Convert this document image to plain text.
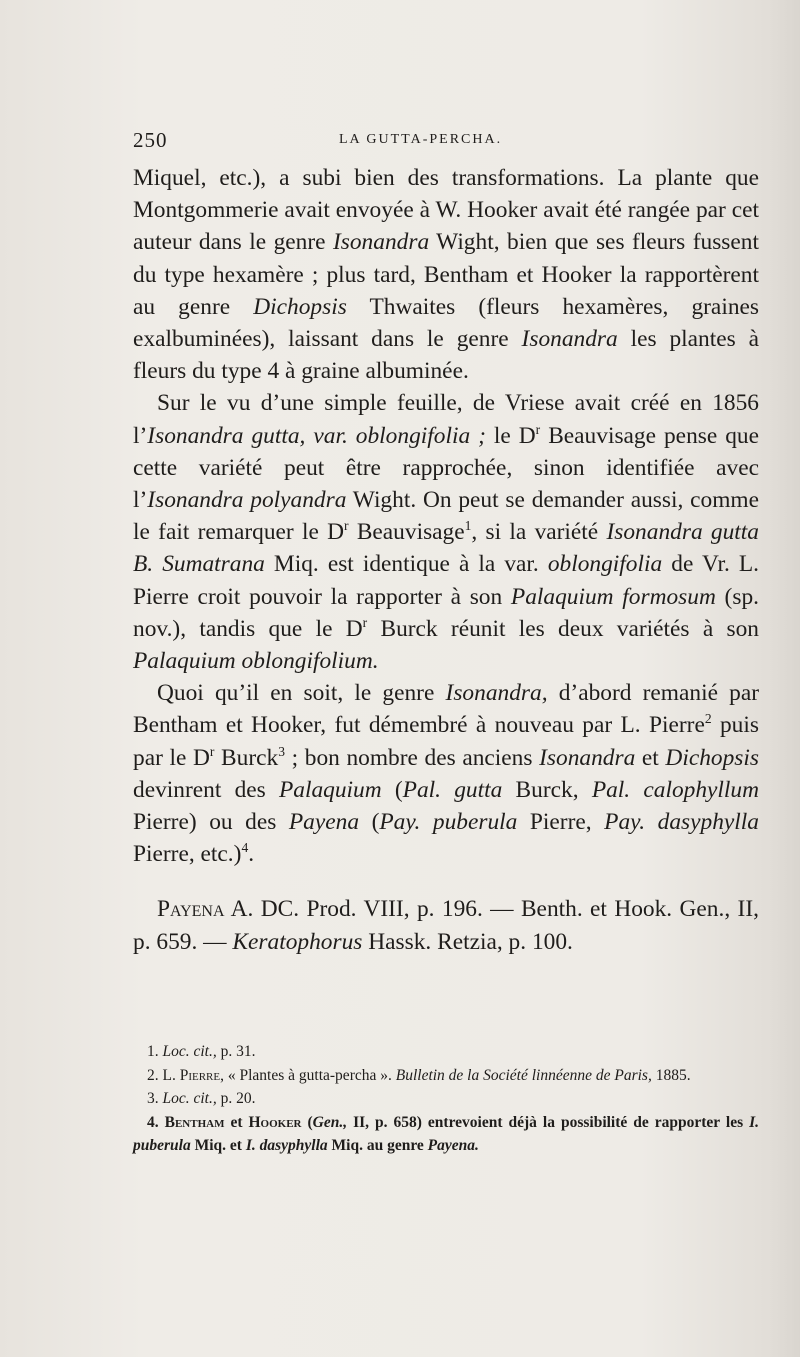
250	LA GUTTA-PERCHA.

Miquel, etc.), a subi bien des transformations. La plante que Montgommerie avait envoyée à W. Hooker avait été rangée par cet auteur dans le genre Isonandra Wight, bien que ses fleurs fussent du type hexamère ; plus tard, Bentham et Hooker la rapportèrent au genre Dichopsis Thwaites (fleurs hexamères, graines exalbuminées), laissant dans le genre Isonandra les plantes à fleurs du type 4 à graine albuminée.

Sur le vu d’une simple feuille, de Vriese avait créé en 1856 l’Isonandra gutta, var. oblongifolia ; le $D^r$ Beauvisage pense que cette variété peut être rapprochée, sinon identifiée avec l’Isonandra polyandra Wight. On peut se demander aussi, comme le fait remarquer le $D^r$ Beauvisage$^1$, si la variété Isonandra gutta B. Sumatrana Miq. est identique à la var. oblongifolia de Vr. L. Pierre croit pouvoir la rapporter à son Palaquium formosum (sp. nov.), tandis que le $D^r$ Burck réunit les deux variétés à son Palaquium oblongifolium.

Quoi qu’il en soit, le genre Isonandra, d’abord remanié par Bentham et Hooker, fut démembré à nouveau par L. Pierre$^2$ puis par le $D^r$ Burck$^3$ ; bon nombre des anciens Isonandra et Dichopsis devinrent des Palaquium (Pal. gutta Burck, Pal. calophyllum Pierre) ou des Payena (Pay. puberula Pierre, Pay. dasyphylla Pierre, etc.)$^4$.

Payena A. DC. Prod. VIII, p. 196. — Benth. et Hook. Gen., II, p. 659. — Keratophorus Hassk. Retzia, p. 100.

1. Loc. cit., p. 31.

2. L. Pierre, « Plantes à gutta-percha ». Bulletin de la Société linnéenne de Paris, 1885.

3. Loc. cit., p. 20.

4. Bentham et Hooker (Gen., II, p. 658) entrevoient déjà la possibilité de rapporter les I. puberula Miq. et I. dasyphylla Miq. au genre Payena.
